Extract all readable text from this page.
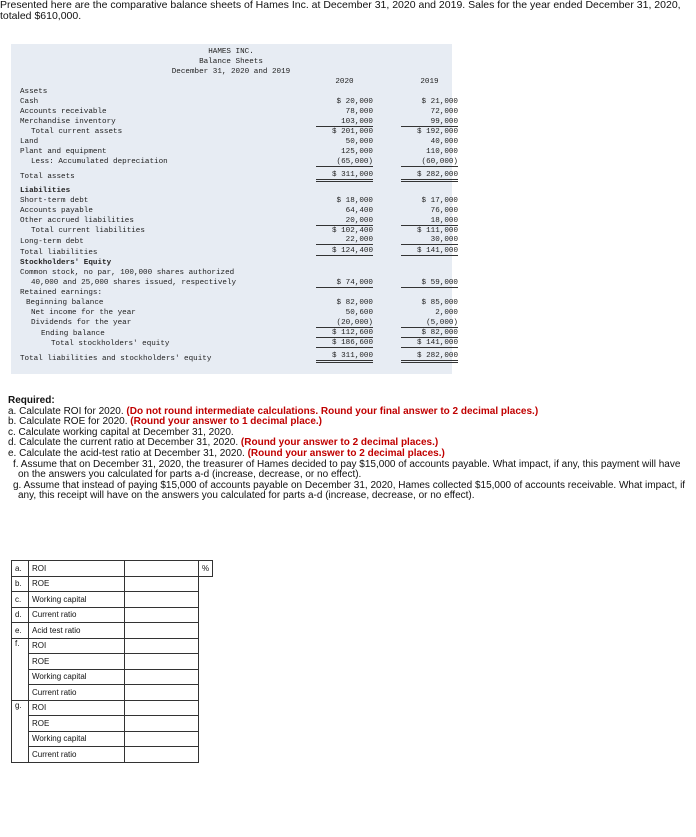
Presented here are the comparative balance sheets of Hames Inc. at December 31, 2020 and 2019. Sales for the year ended December 31, 2020, totaled $610,000.
HAMES INC.
Balance Sheets
December 31, 2020 and 2019
2020	2019
Assets
Cash	$ 20,000	$ 21,000
Accounts receivable	78,000	72,000
Merchandise inventory	103,000	99,000
Total current assets	$ 201,000	$ 192,000
Land	50,000	40,000
Plant and equipment	125,000	110,000
Less: Accumulated depreciation	(65,000)	(60,000)
Total assets	$ 311,000	$ 282,000
Liabilities
Short-term debt	$ 18,000	$ 17,000
Accounts payable	64,400	76,000
Other accrued liabilities	20,000	18,000
Total current liabilities	$ 102,400	$ 111,000
Long-term debt	22,000	30,000
Total liabilities	$ 124,400	$ 141,000
Stockholders' Equity
Common stock, no par, 100,000 shares authorized
40,000 and 25,000 shares issued, respectively	$ 74,000	$ 59,000
Retained earnings:
Beginning balance	$ 82,000	$ 85,000
Net income for the year	50,600	2,000
Dividends for the year	(20,000)	(5,000)
Ending balance	$ 112,600	$ 82,000
Total stockholders' equity	$ 186,600	$ 141,000
Total liabilities and stockholders' equity	$ 311,000	$ 282,000
Required:
a. Calculate ROI for 2020. (Do not round intermediate calculations. Round your final answer to 2 decimal places.)
b. Calculate ROE for 2020. (Round your answer to 1 decimal place.)
c. Calculate working capital at December 31, 2020.
d. Calculate the current ratio at December 31, 2020. (Round your answer to 2 decimal places.)
e. Calculate the acid-test ratio at December 31, 2020. (Round your answer to 2 decimal places.)
f. Assume that on December 31, 2020, the treasurer of Hames decided to pay $15,000 of accounts payable. What impact, if any, this payment will have on the answers you calculated for parts a-d (increase, decrease, or no effect).
g. Assume that instead of paying $15,000 of accounts payable on December 31, 2020, Hames collected $15,000 of accounts receivable. What impact, if any, this receipt will have on the answers you calculated for parts a-d (increase, decrease, or no effect).
a.	ROI		%
b.	ROE		
c.	Working capital		
d.	Current ratio		
e.	Acid test ratio		
f.	ROI		
	ROE		
	Working capital		
	Current ratio		
g.	ROI		
	ROE		
	Working capital		
	Current ratio		
